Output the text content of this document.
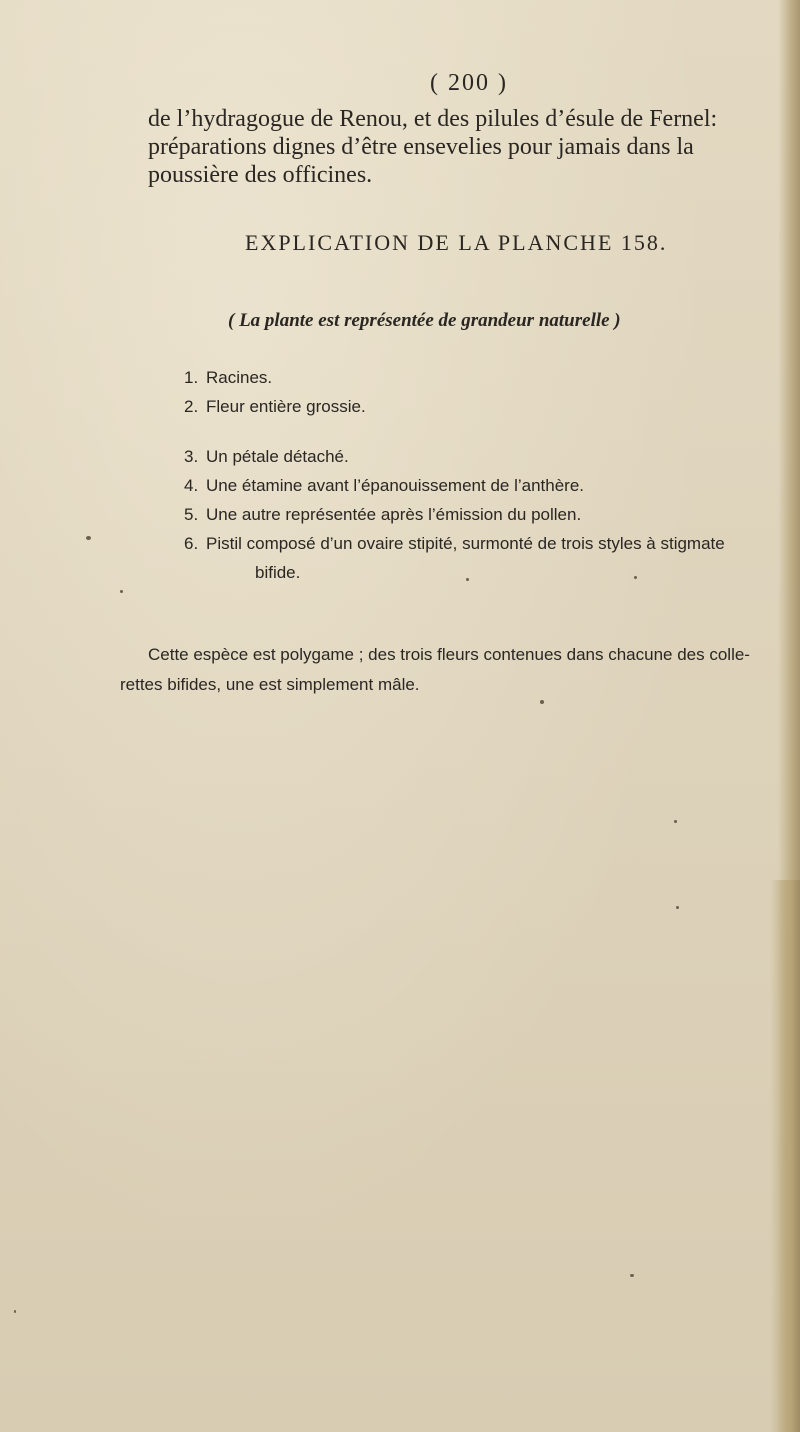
( 200 )
de l’hydragogue de Renou, et des pilules d’ésule de Fernel:
préparations dignes d’être ensevelies pour jamais dans la
poussière des officines.
EXPLICATION DE LA PLANCHE 158.
( La plante est représentée de grandeur naturelle )
1. Racines.
2. Fleur entière grossie.
3. Un pétale détaché.
4. Une étamine avant l’épanouissement de l’anthère.
5. Une autre représentée après l’émission du pollen.
6. Pistil composé d’un ovaire stipité, surmonté de trois styles à stigmate
bifide.
Cette espèce est polygame ; des trois fleurs contenues dans chacune des colle-
rettes bifides, une est simplement mâle.
